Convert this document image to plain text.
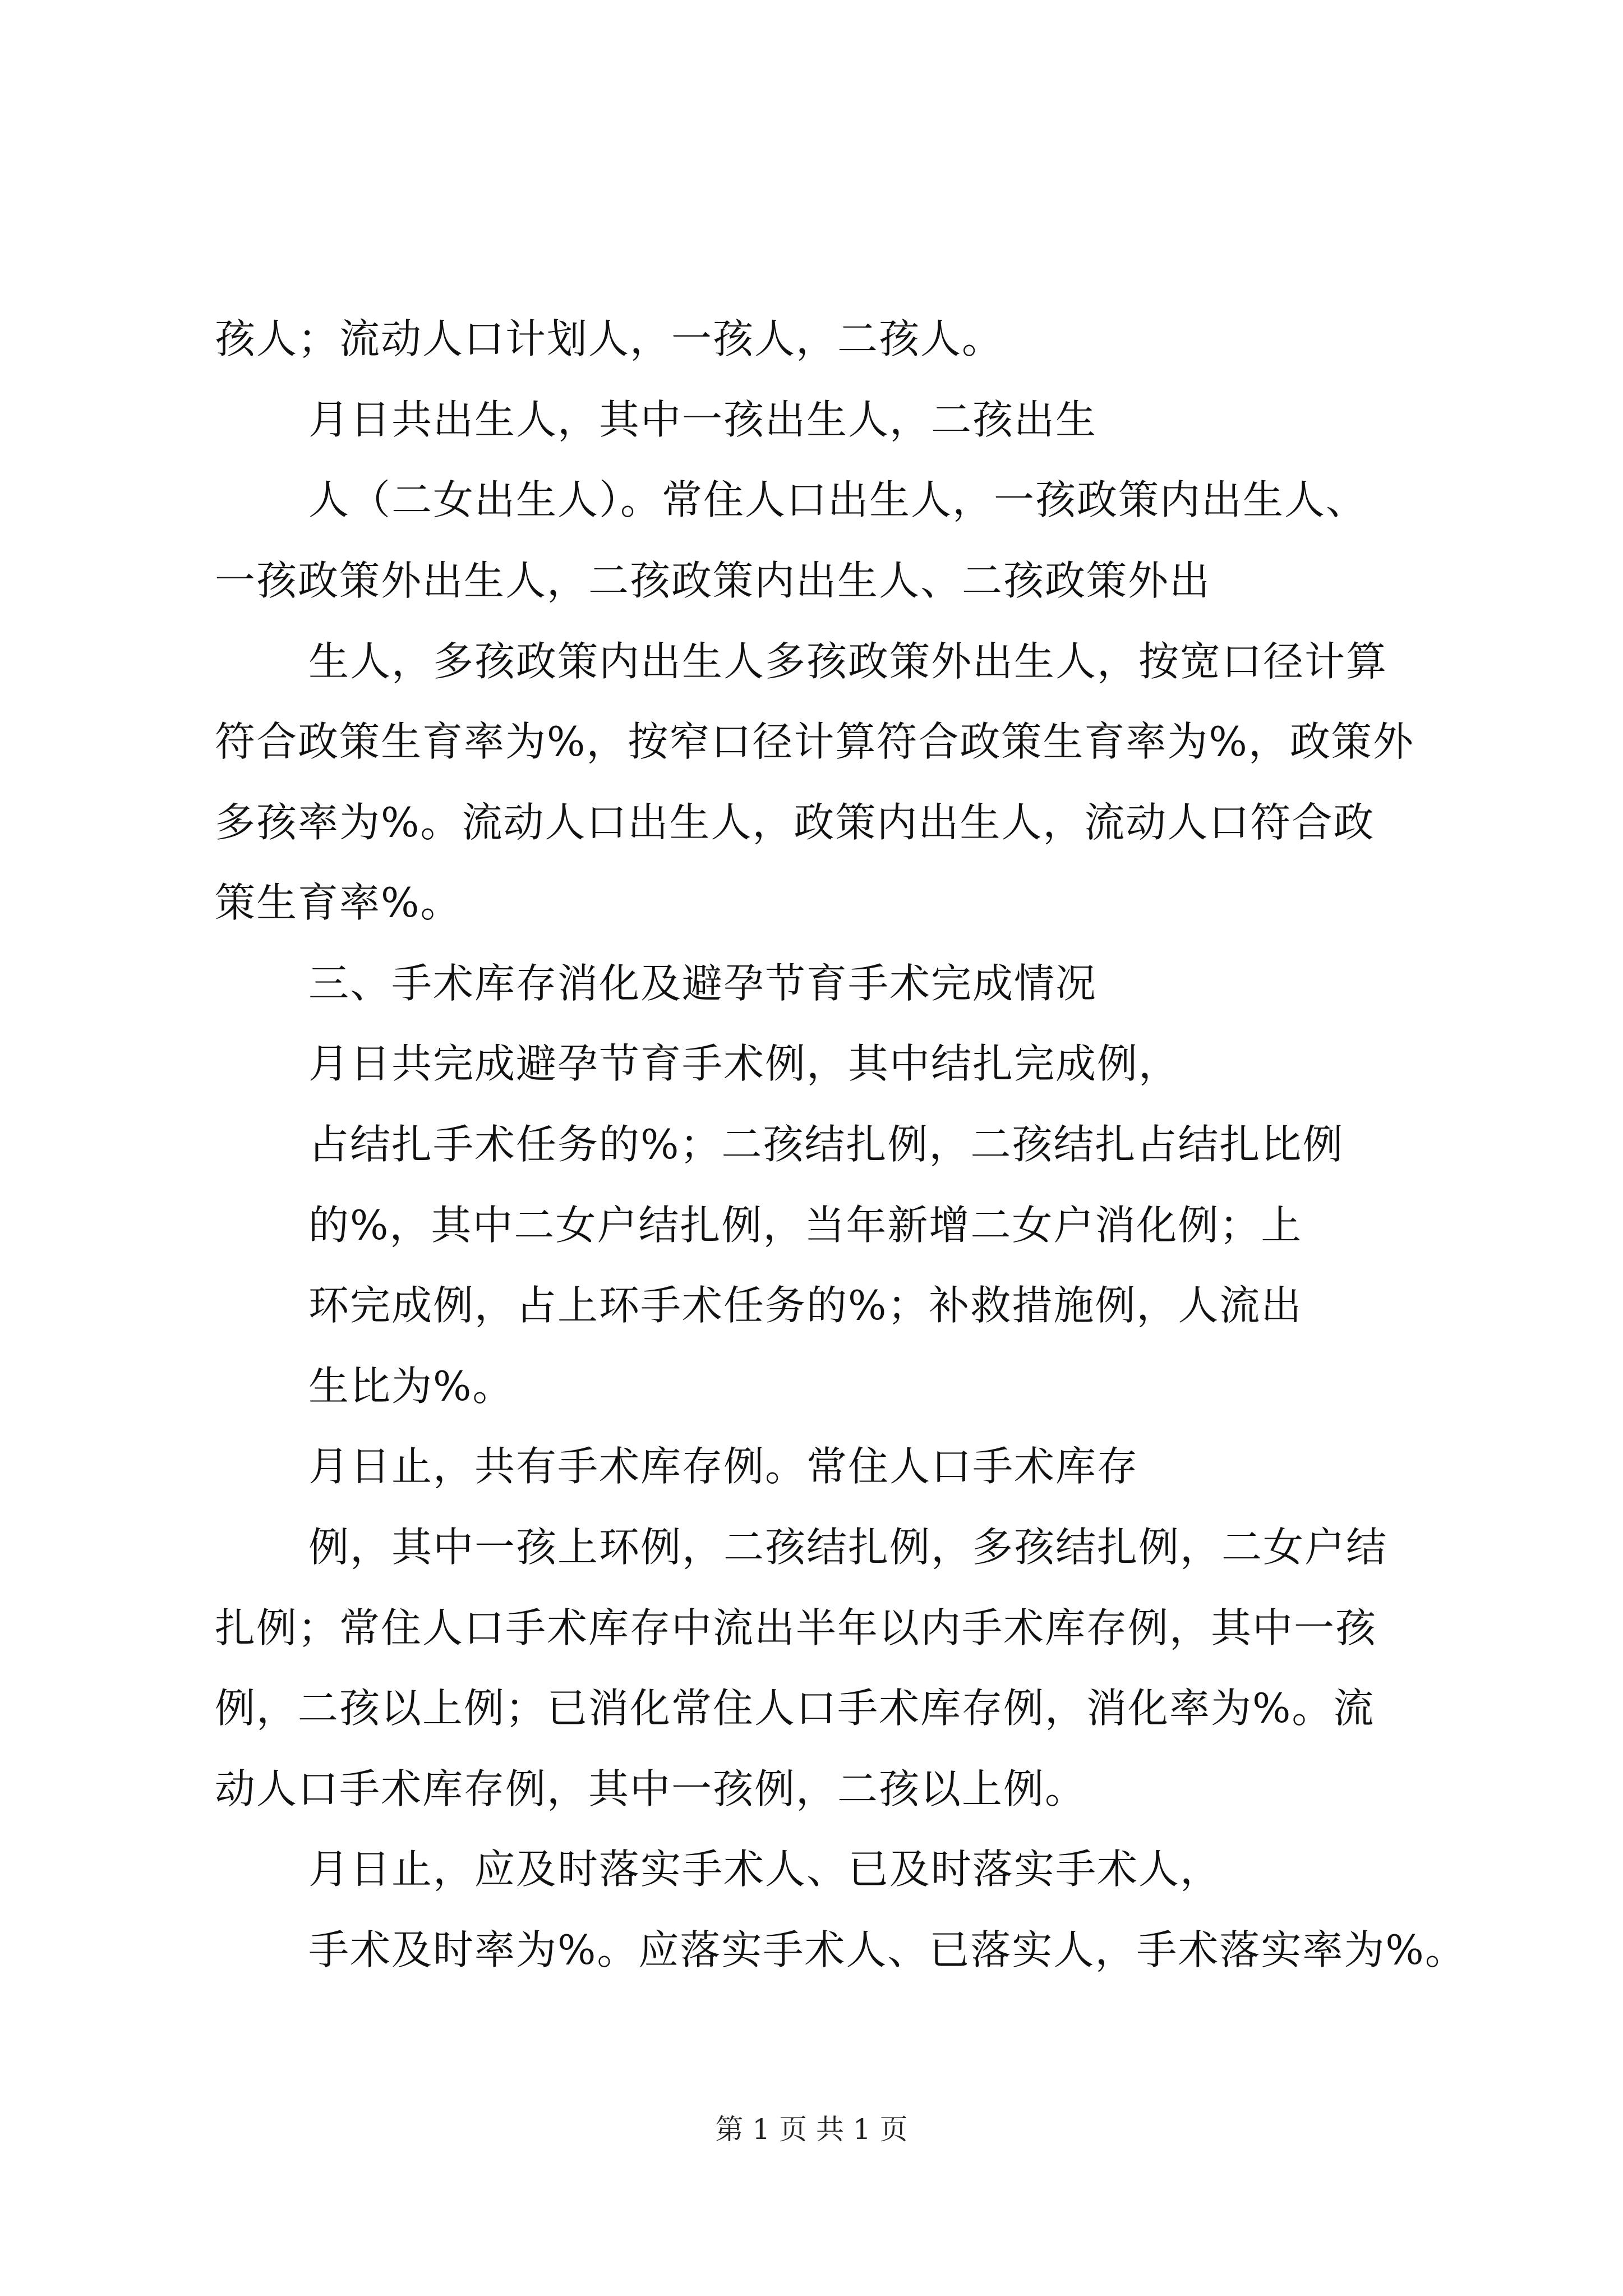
孩人；流动人口计划人，一孩人，二孩人。
月日共出生人，其中一孩出生人，二孩出生
人（二女出生人）。常住人口出生人，一孩政策内出生人、
一孩政策外出生人，二孩政策内出生人、二孩政策外出
生人，多孩政策内出生人多孩政策外出生人，按宽口径计算
符合政策生育率为%，按窄口径计算符合政策生育率为%，政策外
多孩率为%。流动人口出生人，政策内出生人，流动人口符合政
策生育率%。
三、手术库存消化及避孕节育手术完成情况
月日共完成避孕节育手术例，其中结扎完成例，
占结扎手术任务的%；二孩结扎例，二孩结扎占结扎比例
的%，其中二女户结扎例，当年新增二女户消化例；上
环完成例，占上环手术任务的%；补救措施例，人流出
生比为%。
月日止，共有手术库存例。常住人口手术库存
例，其中一孩上环例，二孩结扎例，多孩结扎例，二女户结
扎例；常住人口手术库存中流出半年以内手术库存例，其中一孩
例，二孩以上例；已消化常住人口手术库存例，消化率为%。流
动人口手术库存例，其中一孩例，二孩以上例。
月日止，应及时落实手术人、已及时落实手术人，
手术及时率为%。应落实手术人、已落实人，手术落实率为%。
第 1 页 共 1 页
